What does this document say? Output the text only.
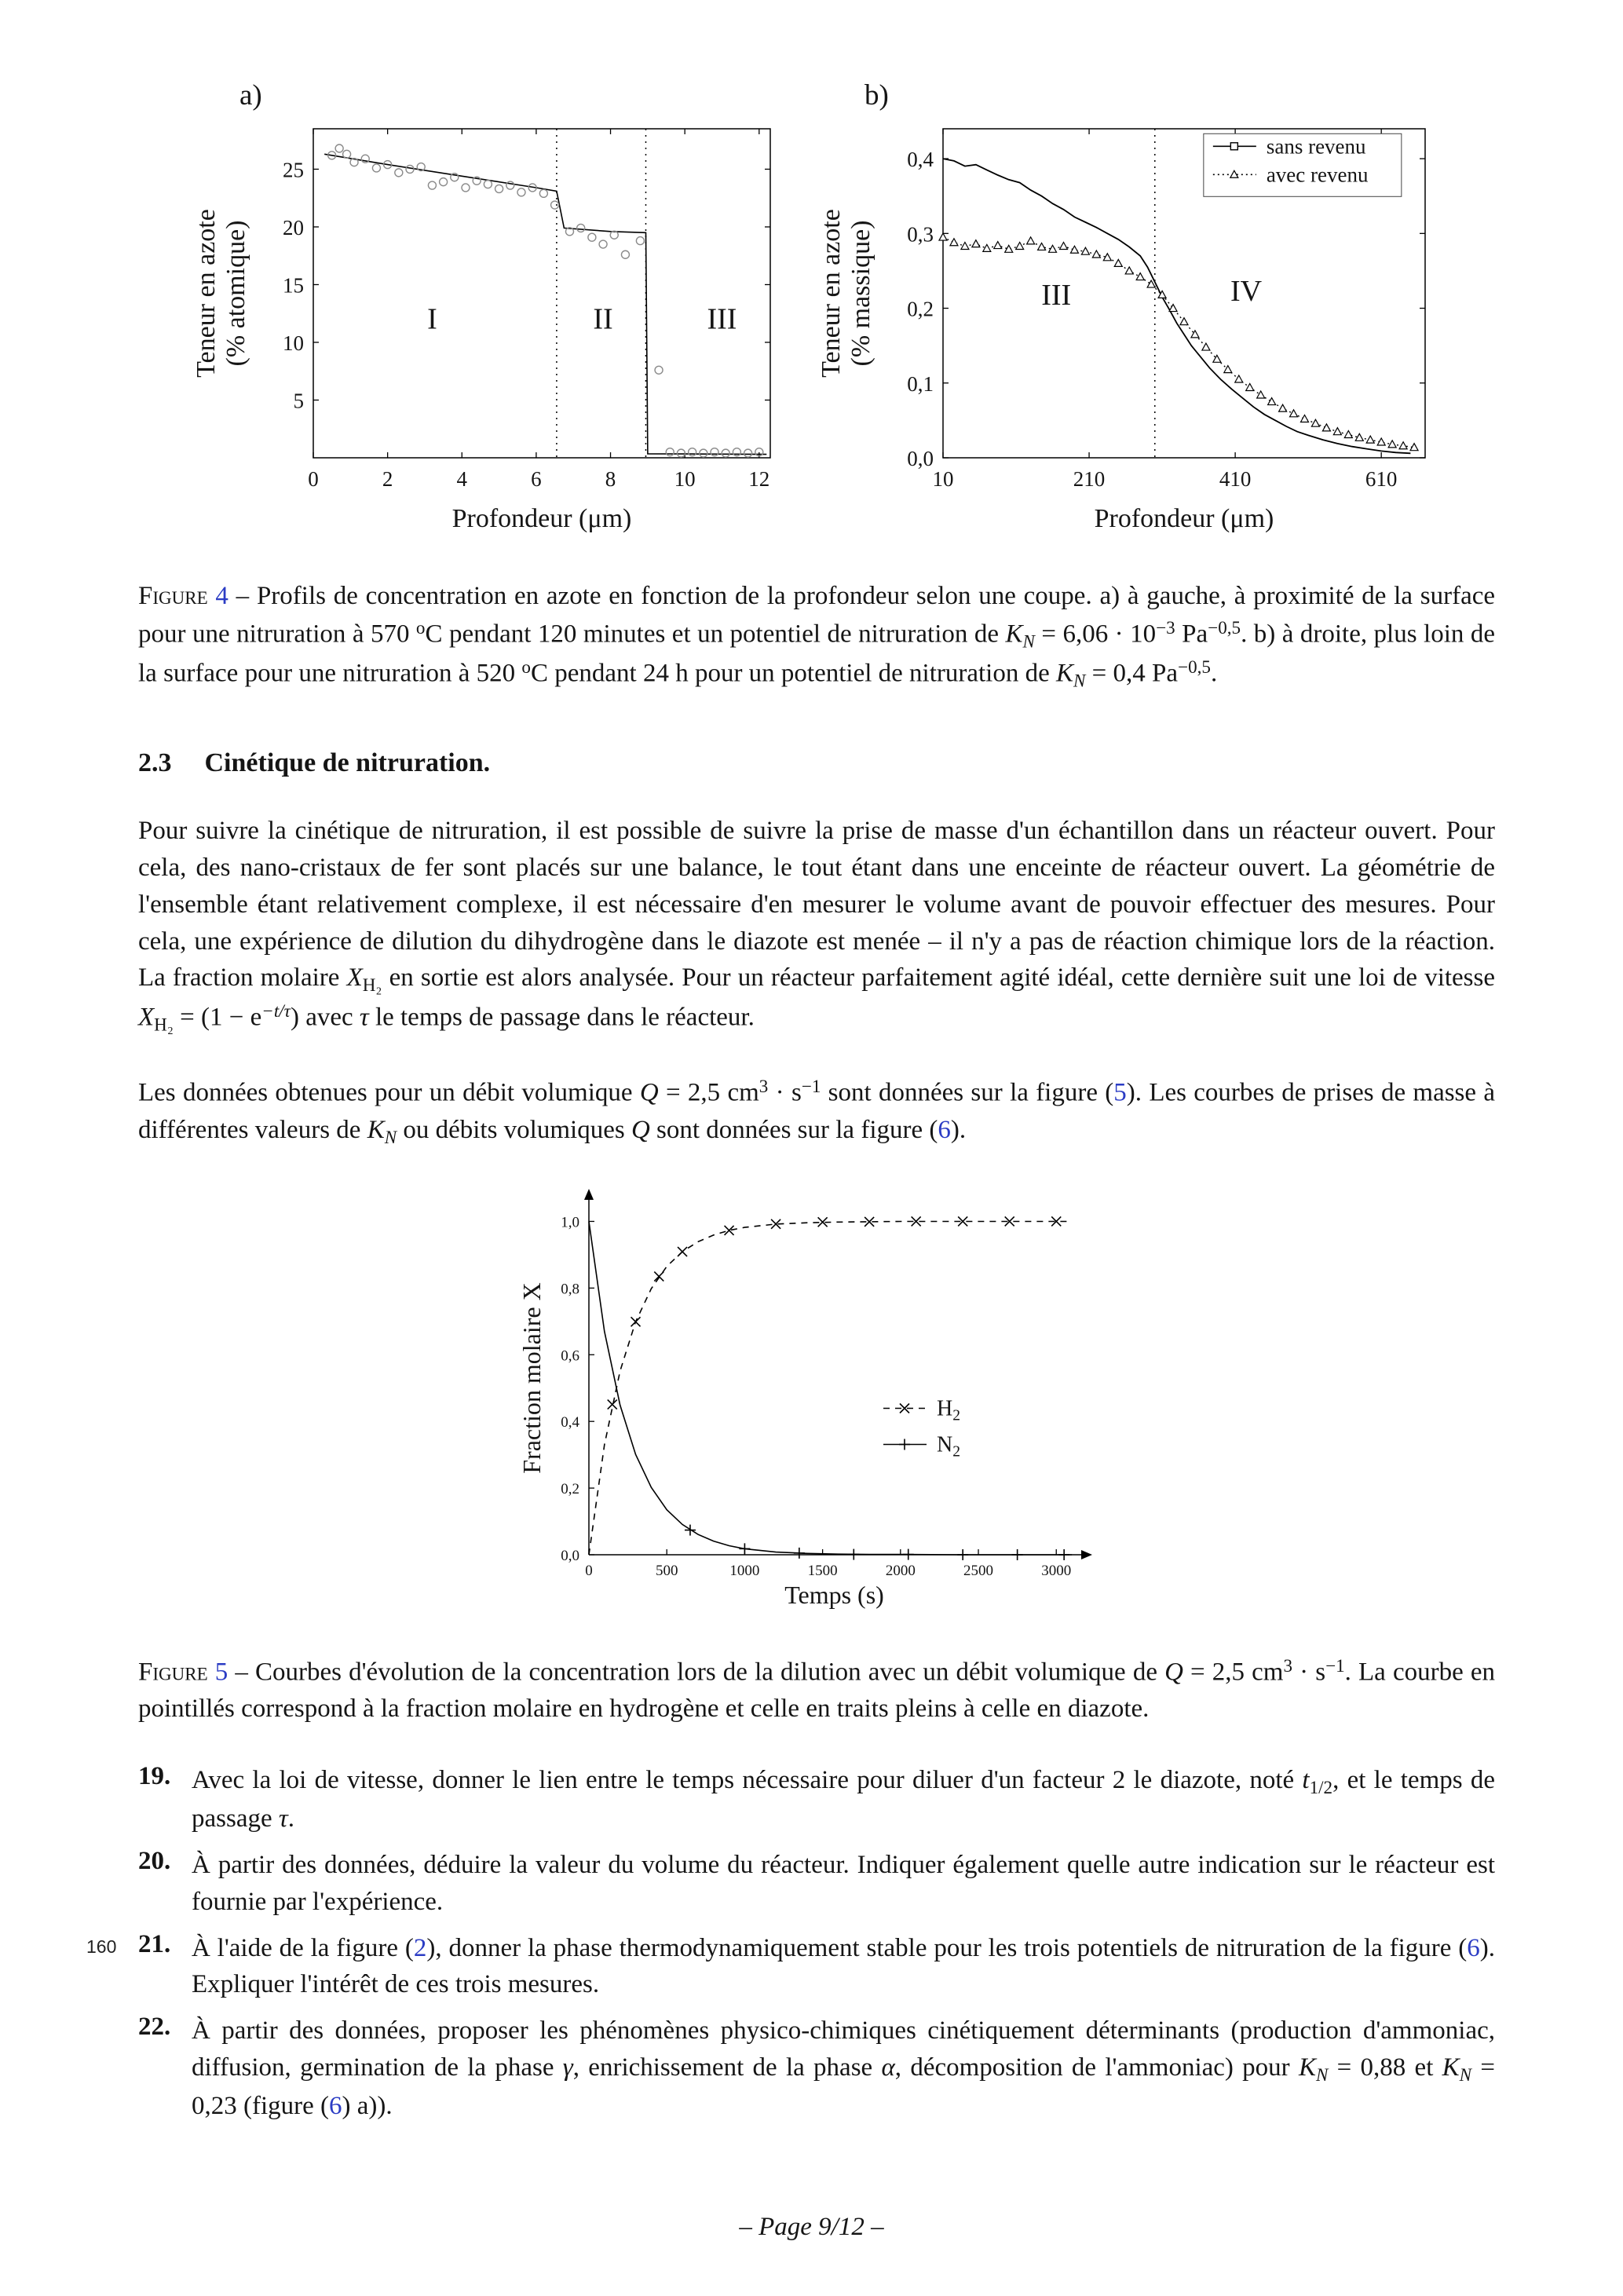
a)
0	2	4	6	8	10	12
5
10
15
20
25
I	II	III
Profondeur (μm)
Teneur en azote (% atomique)
b)
10	210	410	610
0,0
0,1
0,2
0,3
0,4
III	IV
Profondeur (μm)
Teneur en azote (% massique)
sans revenu
avec revenu

Figure 4 – Profils de concentration en azote en fonction de la profondeur selon une coupe. a) à gauche, à proximité de la surface pour une nitruration à 570 $^o$C pendant 120 minutes et un potentiel de nitruration de $K_N = 6,06 \cdot 10^{-3}$ $Pa^{-0,5}$. b) à droite, plus loin de la surface pour une nitruration à 520 $^o$C pendant 24 h pour un potentiel de nitruration de $K_N = 0,4$ $Pa^{-0,5}$.

2.3 Cinétique de nitruration.

Pour suivre la cinétique de nitruration, il est possible de suivre la prise de masse d'un échantillon dans un réacteur ouvert. Pour cela, des nano-cristaux de fer sont placés sur une balance, le tout étant dans une enceinte de réacteur ouvert. La géométrie de l'ensemble étant relativement complexe, il est nécessaire d'en mesurer le volume avant de pouvoir effectuer des mesures. Pour cela, une expérience de dilution du dihydrogène dans le diazote est menée – il n'y a pas de réaction chimique lors de la réaction. La fraction molaire $X_{H_2}$ en sortie est alors analysée. Pour un réacteur parfaitement agité idéal, cette dernière suit une loi de vitesse $X_{H_2} = (1 - e^{-t/\tau})$ avec τ le temps de passage dans le réacteur.

Les données obtenues pour un débit volumique Q = 2,5 $cm^3 \cdot s^{-1}$ sont données sur la figure (5). Les courbes de prises de masse à différentes valeurs de $K_N$ ou débits volumiques Q sont données sur la figure (6).

0	500	1000	1500	2000	2500	3000
0,0
0,2
0,4
0,6
0,8
1,0
Temps (s)
Fraction molaire X	$H_2$
$N_2$

Figure 5 – Courbes d'évolution de la concentration lors de la dilution avec un débit volumique de Q = 2,5 $cm^3 \cdot s^{-1}$. La courbe en pointillés correspond à la fraction molaire en hydrogène et celle en traits pleins à celle en diazote.

19. Avec la loi de vitesse, donner le lien entre le temps nécessaire pour diluer d'un facteur 2 le diazote, noté $t_{1/2}$, et le temps de passage τ.
20. À partir des données, déduire la valeur du volume du réacteur. Indiquer également quelle autre indication sur le réacteur est fournie par l'expérience.
160 21. À l'aide de la figure (2), donner la phase thermodynamiquement stable pour les trois potentiels de nitruration de la figure (6). Expliquer l'intérêt de ces trois mesures.
22. À partir des données, proposer les phénomènes physico-chimiques cinétiquement déterminants (production d'ammoniac, diffusion, germination de la phase γ, enrichissement de la phase α, décomposition de l'ammoniac) pour $K_N = 0,88$ et $K_N = 0,23$ (figure (6) a)).
– Page 9/12 –
